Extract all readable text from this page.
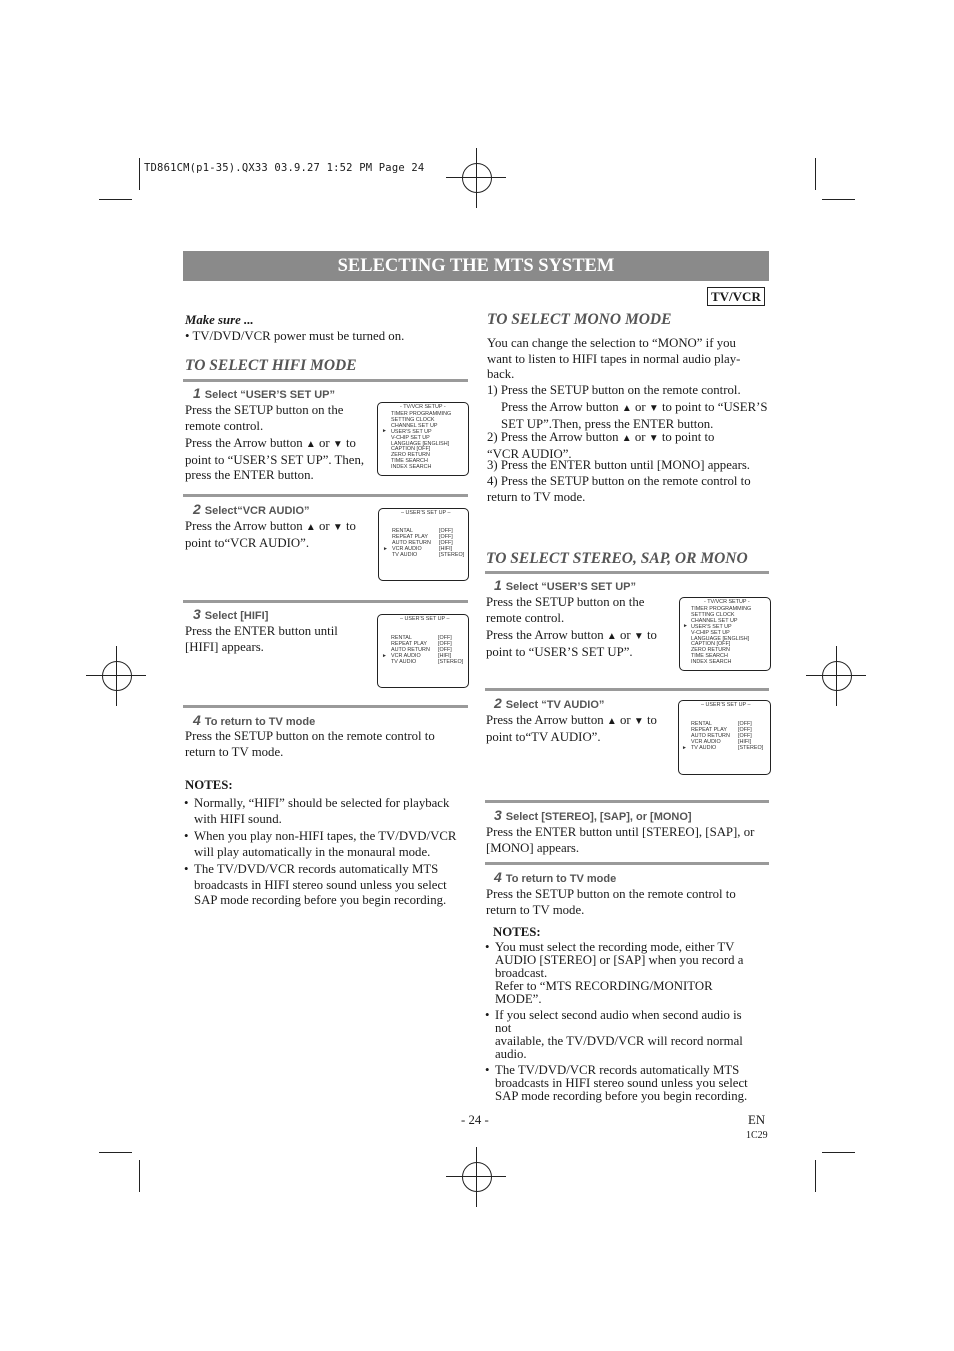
TD861CM(p1-35).QX33 03.9.27 1:52 PM Page 24
SELECTING THE MTS SYSTEM
TV/VCR
Make sure ...
• TV/DVD/VCR power must be turned on.
TO SELECT HIFI MODE
1 Select “USER’S SET UP”
Press the SETUP button on the remote control.
Press the Arrow button ▲ or ▼ to point to “USER’S SET UP”. Then, press the ENTER button.
- TV/VCR SETUP -
TIMER PROGRAMMING
SETTING CLOCK
CHANNEL SET UP
USER’S SET UP
V-CHIP SET UP
LANGUAGE [ENGLISH]
CAPTION [OFF]
ZERO RETURN
TIME SEARCH
INDEX SEARCH
►
2 Select“VCR AUDIO”
Press the Arrow button ▲ or ▼ to point to“VCR AUDIO”.
– USER’S SET UP –
RENTAL
REPEAT PLAY
AUTO RETURN
VCR AUDIO
TV AUDIO
[OFF]
[OFF]
[OFF]
[HIFI]
[STEREO]
►
3 Select [HIFI]
Press the ENTER button until [HIFI] appears.
– USER’S SET UP –
RENTAL
REPEAT PLAY
AUTO RETURN
VCR AUDIO
TV AUDIO
[OFF]
[OFF]
[OFF]
[HIFI]
[STEREO]
►
4 To return to TV mode
Press the SETUP button on the remote control to return to TV mode.
NOTES:
• Normally, “HIFI” should be selected for playback with HIFI sound.
• When you play non-HIFI tapes, the TV/DVD/VCR will play automatically in the monaural mode.
• The TV/DVD/VCR records automatically MTS broadcasts in HIFI stereo sound unless you select SAP mode recording before you begin recording.
TO SELECT MONO MODE
You can change the selection to “MONO” if you want to listen to HIFI tapes in normal audio play-back.
1) Press the SETUP button on the remote control.
Press the Arrow button ▲ or ▼ to point to “USER’S SET UP”.Then, press the ENTER button.
2) Press the Arrow button ▲ or ▼ to point to “VCR AUDIO”.
3) Press the ENTER button until [MONO] appears.
4) Press the SETUP button on the remote control to return to TV mode.
TO SELECT STEREO, SAP, OR MONO
1 Select “USER’S SET UP”
Press the SETUP button on the remote control.
Press the Arrow button ▲ or ▼ to point to “USER’S SET UP”.
- TV/VCR SETUP -
TIMER PROGRAMMING
SETTING CLOCK
CHANNEL SET UP
USER’S SET UP
V-CHIP SET UP
LANGUAGE [ENGLISH]
CAPTION [OFF]
ZERO RETURN
TIME SEARCH
INDEX SEARCH
►
2 Select “TV AUDIO”
Press the Arrow button ▲ or ▼ to point to“TV AUDIO”.
– USER’S SET UP –
RENTAL
REPEAT PLAY
AUTO RETURN
VCR AUDIO
TV AUDIO
[OFF]
[OFF]
[OFF]
[HIFI]
[STEREO]
►
3 Select [STEREO], [SAP], or [MONO]
Press the ENTER button until [STEREO], [SAP], or [MONO] appears.
4 To return to TV mode
Press the SETUP button on the remote control to return to TV mode.
NOTES:
• You must select the recording mode, either TV AUDIO [STEREO] or [SAP] when you record a broadcast.
Refer to “MTS RECORDING/MONITOR MODE”.
• If you select second audio when second audio is not
available, the TV/DVD/VCR will record normal audio.
• The TV/DVD/VCR records automatically MTS broadcasts in HIFI stereo sound unless you select SAP mode recording before you begin recording.
- 24 -	EN
1C29
